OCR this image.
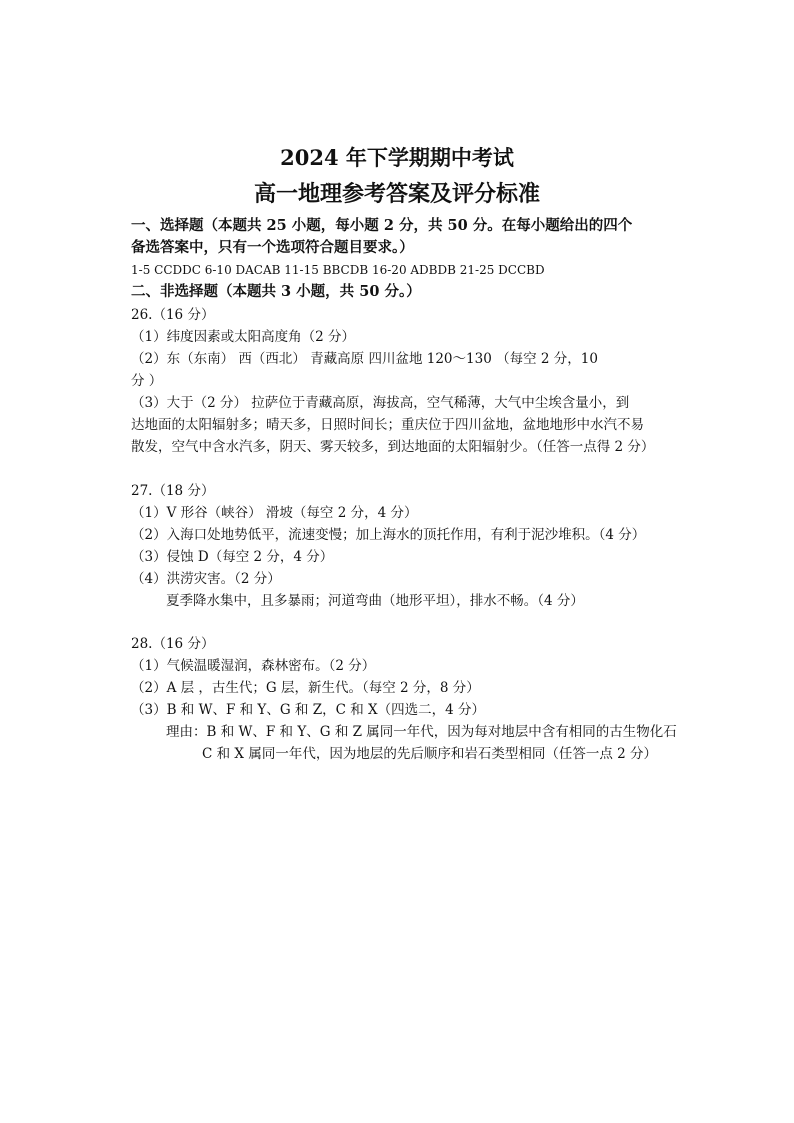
2024 年下学期期中考试
高一地理参考答案及评分标准
一、选择题（本题共 25 小题，每小题 2 分，共 50 分。在每小题给出的四个
备选答案中，只有一个选项符合题目要求。）
1-5 CCDDC 6-10 DACAB 11-15 BBCDB 16-20 ADBDB 21-25 DCCBD
二、非选择题（本题共 3 小题，共 50 分。）
26.（16 分）
（1）纬度因素或太阳高度角（2 分）
（2）东（东南） 西（西北） 青藏高原 四川盆地 120～130 （每空 2 分，10
分 ）
（3）大于（2 分） 拉萨位于青藏高原，海拔高，空气稀薄，大气中尘埃含量小，到
达地面的太阳辐射多；晴天多，日照时间长；重庆位于四川盆地，盆地地形中水汽不易
散发，空气中含水汽多，阴天、雾天较多，到达地面的太阳辐射少。（任答一点得 2 分）
27.（18 分）
（1）V 形谷（峡谷） 滑坡（每空 2 分，4 分）
（2）入海口处地势低平，流速变慢；加上海水的顶托作用，有利于泥沙堆积。（4 分）
（3）侵蚀 D（每空 2 分，4 分）
（4）洪涝灾害。（2 分）
夏季降水集中，且多暴雨；河道弯曲（地形平坦），排水不畅。（4 分）
28.（16 分）
（1）气候温暖湿润，森林密布。（2 分）
（2）A 层 ，古生代；G 层，新生代。（每空 2 分，8 分）
（3）B 和 W、F 和 Y、G 和 Z，C 和 X（四选二，4 分）
理由：B 和 W、F 和 Y、G 和 Z 属同一年代，因为每对地层中含有相同的古生物化石
C 和 X 属同一年代，因为地层的先后顺序和岩石类型相同（任答一点 2 分）
